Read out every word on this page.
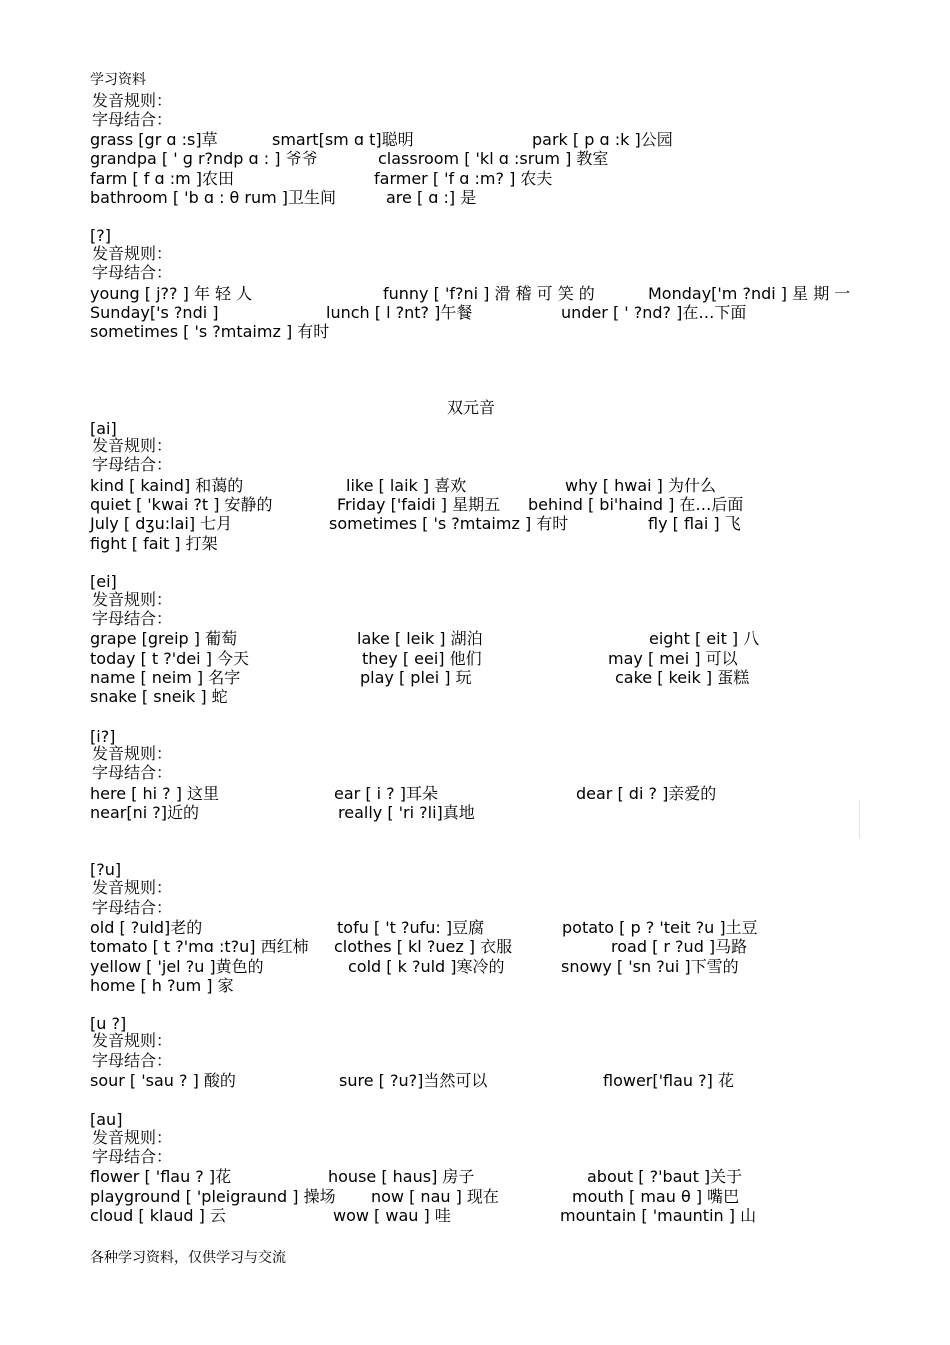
学习资料
发音规则：
字母结合：
grass [gr ɑ :s]草	smart[sm ɑ t]聪明	park [ p ɑ :k ]公园
grandpa [ ' ɡ r?ndp ɑ : ] 爷爷	classroom [ 'kl ɑ :srum ] 教室
farm [ f ɑ :m ]农田	farmer [ 'f ɑ :m? ] 农夫
bathroom [ 'b ɑ : θ rum ]卫生间	are [ ɑ :] 是
[?]
发音规则：
字母结合：
young [ j?? ] 年 轻 人	funny [ 'f?ni ] 滑 稽 可 笑 的	Monday['m ?ndi ] 星 期 一
Sunday['s ?ndi ]	lunch [ l ?nt? ]午餐	under [ ' ?nd? ]在…下面
sometimes [ 's ?mtaimz ] 有时
双元音
[ai]
发音规则：
字母结合：
kind [ kaind] 和蔼的	like [ laik ] 喜欢	why [ hwai ] 为什么
quiet [ 'kwai ?t ] 安静的	Friday ['faidi ] 星期五 behind [ bi'haind ] 在…后面
July [ dʒu:lai] 七月	sometimes [ 's ?mtaimz ] 有时	fly [ flai ] 飞
fight [ fait ] 打架
[ei]
发音规则：
字母结合：
grape [greip ] 葡萄	lake [ leik ] 湖泊	eight [ eit ] 八
today [ t ?'dei ] 今天	they [ eei] 他们	may [ mei ] 可以
name [ neim ] 名字	play [ plei ] 玩	cake [ keik ] 蛋糕
snake [ sneik ] 蛇
[i?]
发音规则：
字母结合：
here [ hi ? ] 这里	ear [ i ? ]耳朵	dear [ di ? ]亲爱的
near[ni ?]近的	really [ 'ri ?li]真地
[?u]
发音规则：
字母结合：
old [ ?uld]老的	tofu [ 't ?ufu: ]豆腐	potato [ p ? 'teit ?u ]土豆
tomato [ t ?'mɑ :t?u] 西红柿 clothes [ kl ?uez ] 衣服	road [ r ?ud ]马路
yellow [ 'jel ?u ]黄色的	cold [ k ?uld ]寒冷的	snowy [ 'sn ?ui ]下雪的
home [ h ?um ] 家
[u ?]
发音规则：
字母结合：
sour [ 'sau ? ] 酸的	sure [ ?u?]当然可以	flower['flau ?] 花
[au]
发音规则：
字母结合：
flower [ 'flau ? ]花	house [ haus] 房子	about [ ?'baut ]关于
playground [ 'pleigraund ] 操场 now [ nau ] 现在	mouth [ mau θ ] 嘴巴
cloud [ klaud ] 云	wow [ wau ] 哇	mountain [ 'mauntin ] 山
各种学习资料，仅供学习与交流
